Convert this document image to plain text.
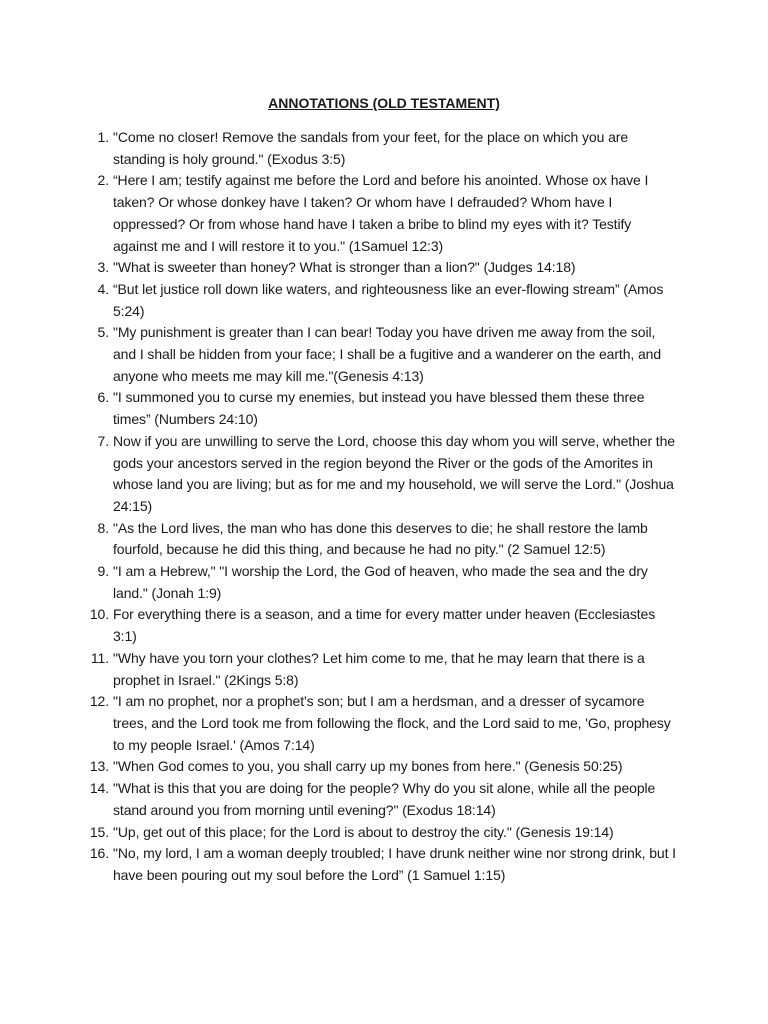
ANNOTATIONS (OLD TESTAMENT)
1. "Come no closer! Remove the sandals from your feet, for the place on which you are standing is holy ground." (Exodus 3:5)
2. “Here I am; testify against me before the Lord and before his anointed. Whose ox have I taken? Or whose donkey have I taken? Or whom have I defrauded? Whom have I oppressed? Or from whose hand have I taken a bribe to blind my eyes with it? Testify against me and I will restore it to you." (1Samuel 12:3)
3. "What is sweeter than honey? What is stronger than a lion?" (Judges 14:18)
4. “But let justice roll down like waters, and righteousness like an ever-flowing stream” (Amos 5:24)
5. "My punishment is greater than I can bear! Today you have driven me away from the soil, and I shall be hidden from your face; I shall be a fugitive and a wanderer on the earth, and anyone who meets me may kill me."(Genesis 4:13)
6. "I summoned you to curse my enemies, but instead you have blessed them these three times” (Numbers 24:10)
7. Now if you are unwilling to serve the Lord, choose this day whom you will serve, whether the gods your ancestors served in the region beyond the River or the gods of the Amorites in whose land you are living; but as for me and my household, we will serve the Lord." (Joshua 24:15)
8. "As the Lord lives, the man who has done this deserves to die; he shall restore the lamb fourfold, because he did this thing, and because he had no pity." (2 Samuel 12:5)
9. "I am a Hebrew," "I worship the Lord, the God of heaven, who made the sea and the dry land." (Jonah 1:9)
10. For everything there is a season, and a time for every matter under heaven (Ecclesiastes 3:1)
11. "Why have you torn your clothes? Let him come to me, that he may learn that there is a prophet in Israel." (2Kings 5:8)
12. "I am no prophet, nor a prophet's son; but I am a herdsman, and a dresser of sycamore trees, and the Lord took me from following the flock, and the Lord said to me, 'Go, prophesy to my people Israel.' (Amos 7:14)
13. "When God comes to you, you shall carry up my bones from here." (Genesis 50:25)
14. "What is this that you are doing for the people? Why do you sit alone, while all the people stand around you from morning until evening?" (Exodus 18:14)
15. "Up, get out of this place; for the Lord is about to destroy the city." (Genesis 19:14)
16. "No, my lord, I am a woman deeply troubled; I have drunk neither wine nor strong drink, but I have been pouring out my soul before the Lord” (1 Samuel 1:15)
